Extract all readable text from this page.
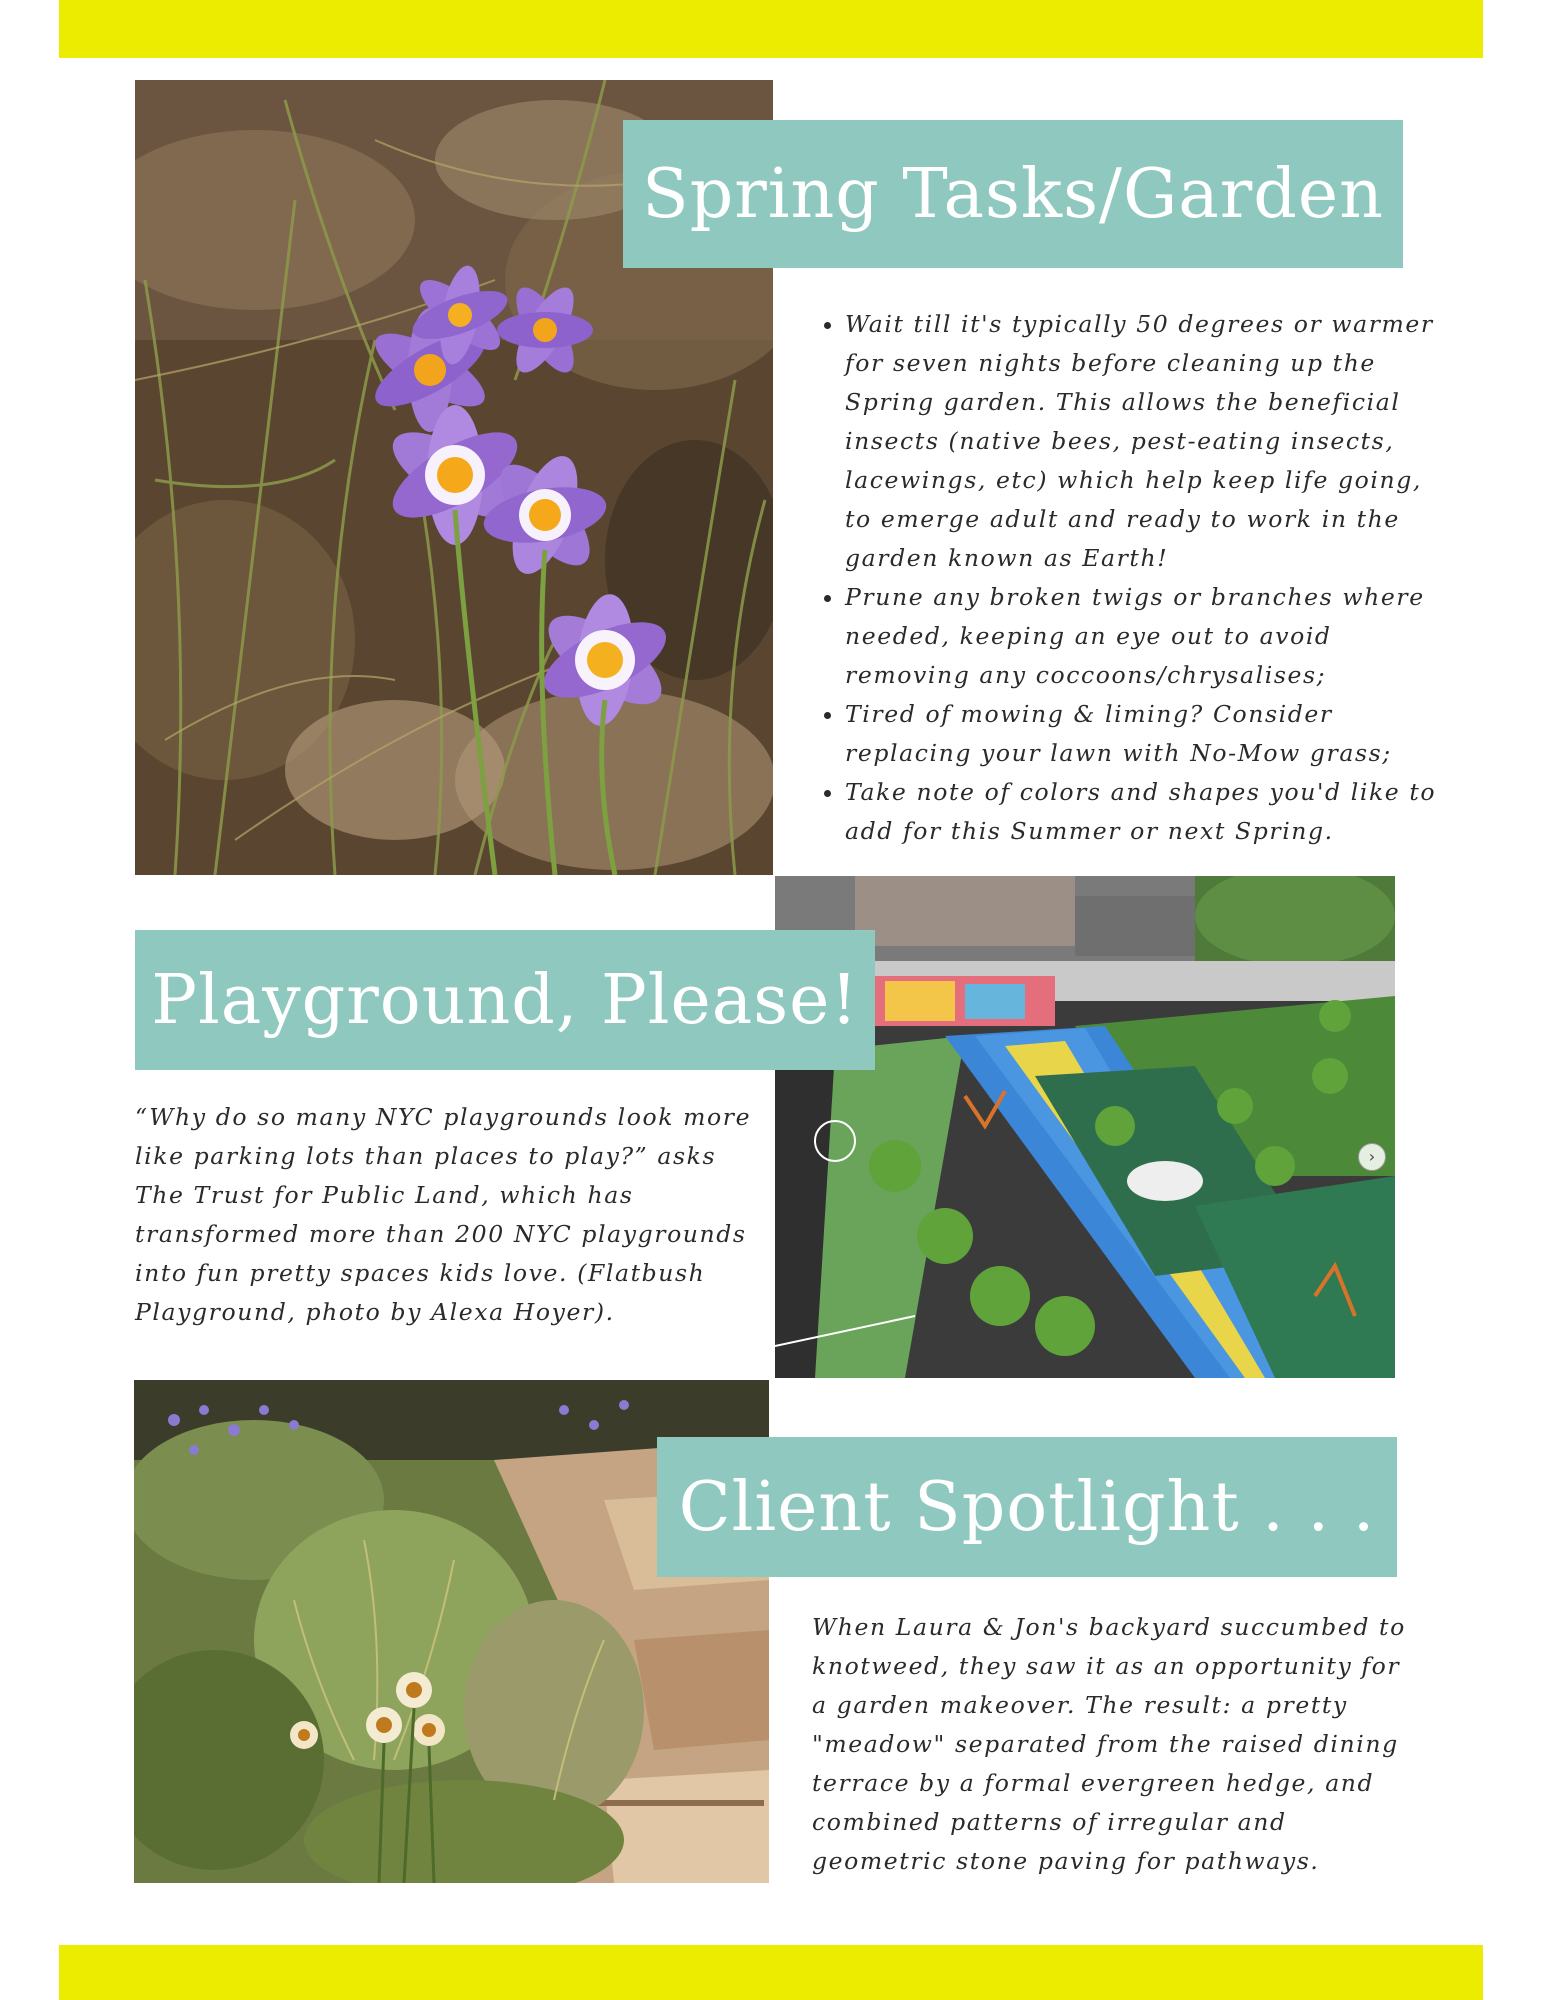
Spring Tasks/Garden
• Wait till it's typically 50 degrees or warmer for seven nights before cleaning up the Spring garden. This allows the beneficial insects (native bees, pest-eating insects, lacewings, etc) which help keep life going, to emerge adult and ready to work in the garden known as Earth!
• Prune any broken twigs or branches where needed, keeping an eye out to avoid removing any coccoons/chrysalises;
• Tired of mowing & liming? Consider replacing your lawn with No-Mow grass;
• Take note of colors and shapes you'd like to add for this Summer or next Spring.
›
Playground, Please!

“Why do so many NYC playgrounds look more like parking lots than places to play?” asks The Trust for Public Land, which has transformed more than 200 NYC playgrounds into fun pretty spaces kids love. (Flatbush Playground, photo by Alexa Hoyer).

Client Spotlight . . .

When Laura & Jon's backyard succumbed to knotweed, they saw it as an opportunity for a garden makeover. The result: a pretty "meadow" separated from the raised dining terrace by a formal evergreen hedge, and combined patterns of irregular and geometric stone paving for pathways.
